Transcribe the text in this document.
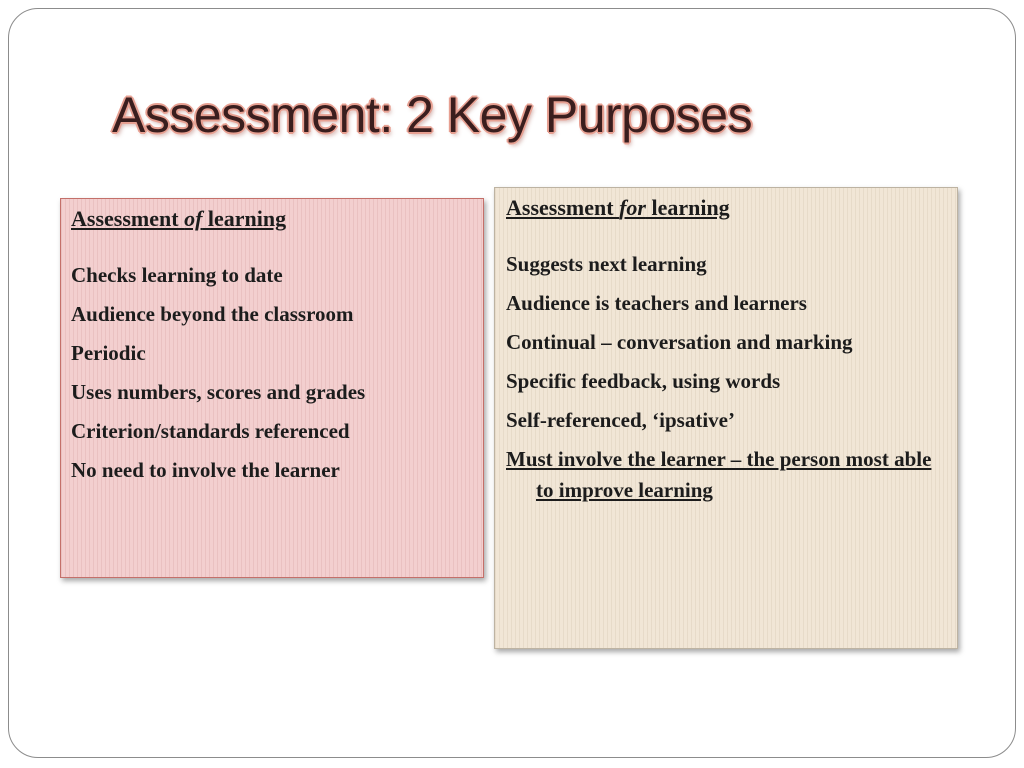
Assessment: 2 Key Purposes
Assessment of learning
Checks learning to date
Audience beyond the classroom
Periodic
Uses numbers, scores and grades
Criterion/standards referenced
No need to involve the learner
Assessment for learning
Suggests next learning
Audience is teachers and learners
Continual – conversation and marking
Specific feedback, using words
Self-referenced, ‘ipsative’
Must involve the learner – the person most able to improve learning
